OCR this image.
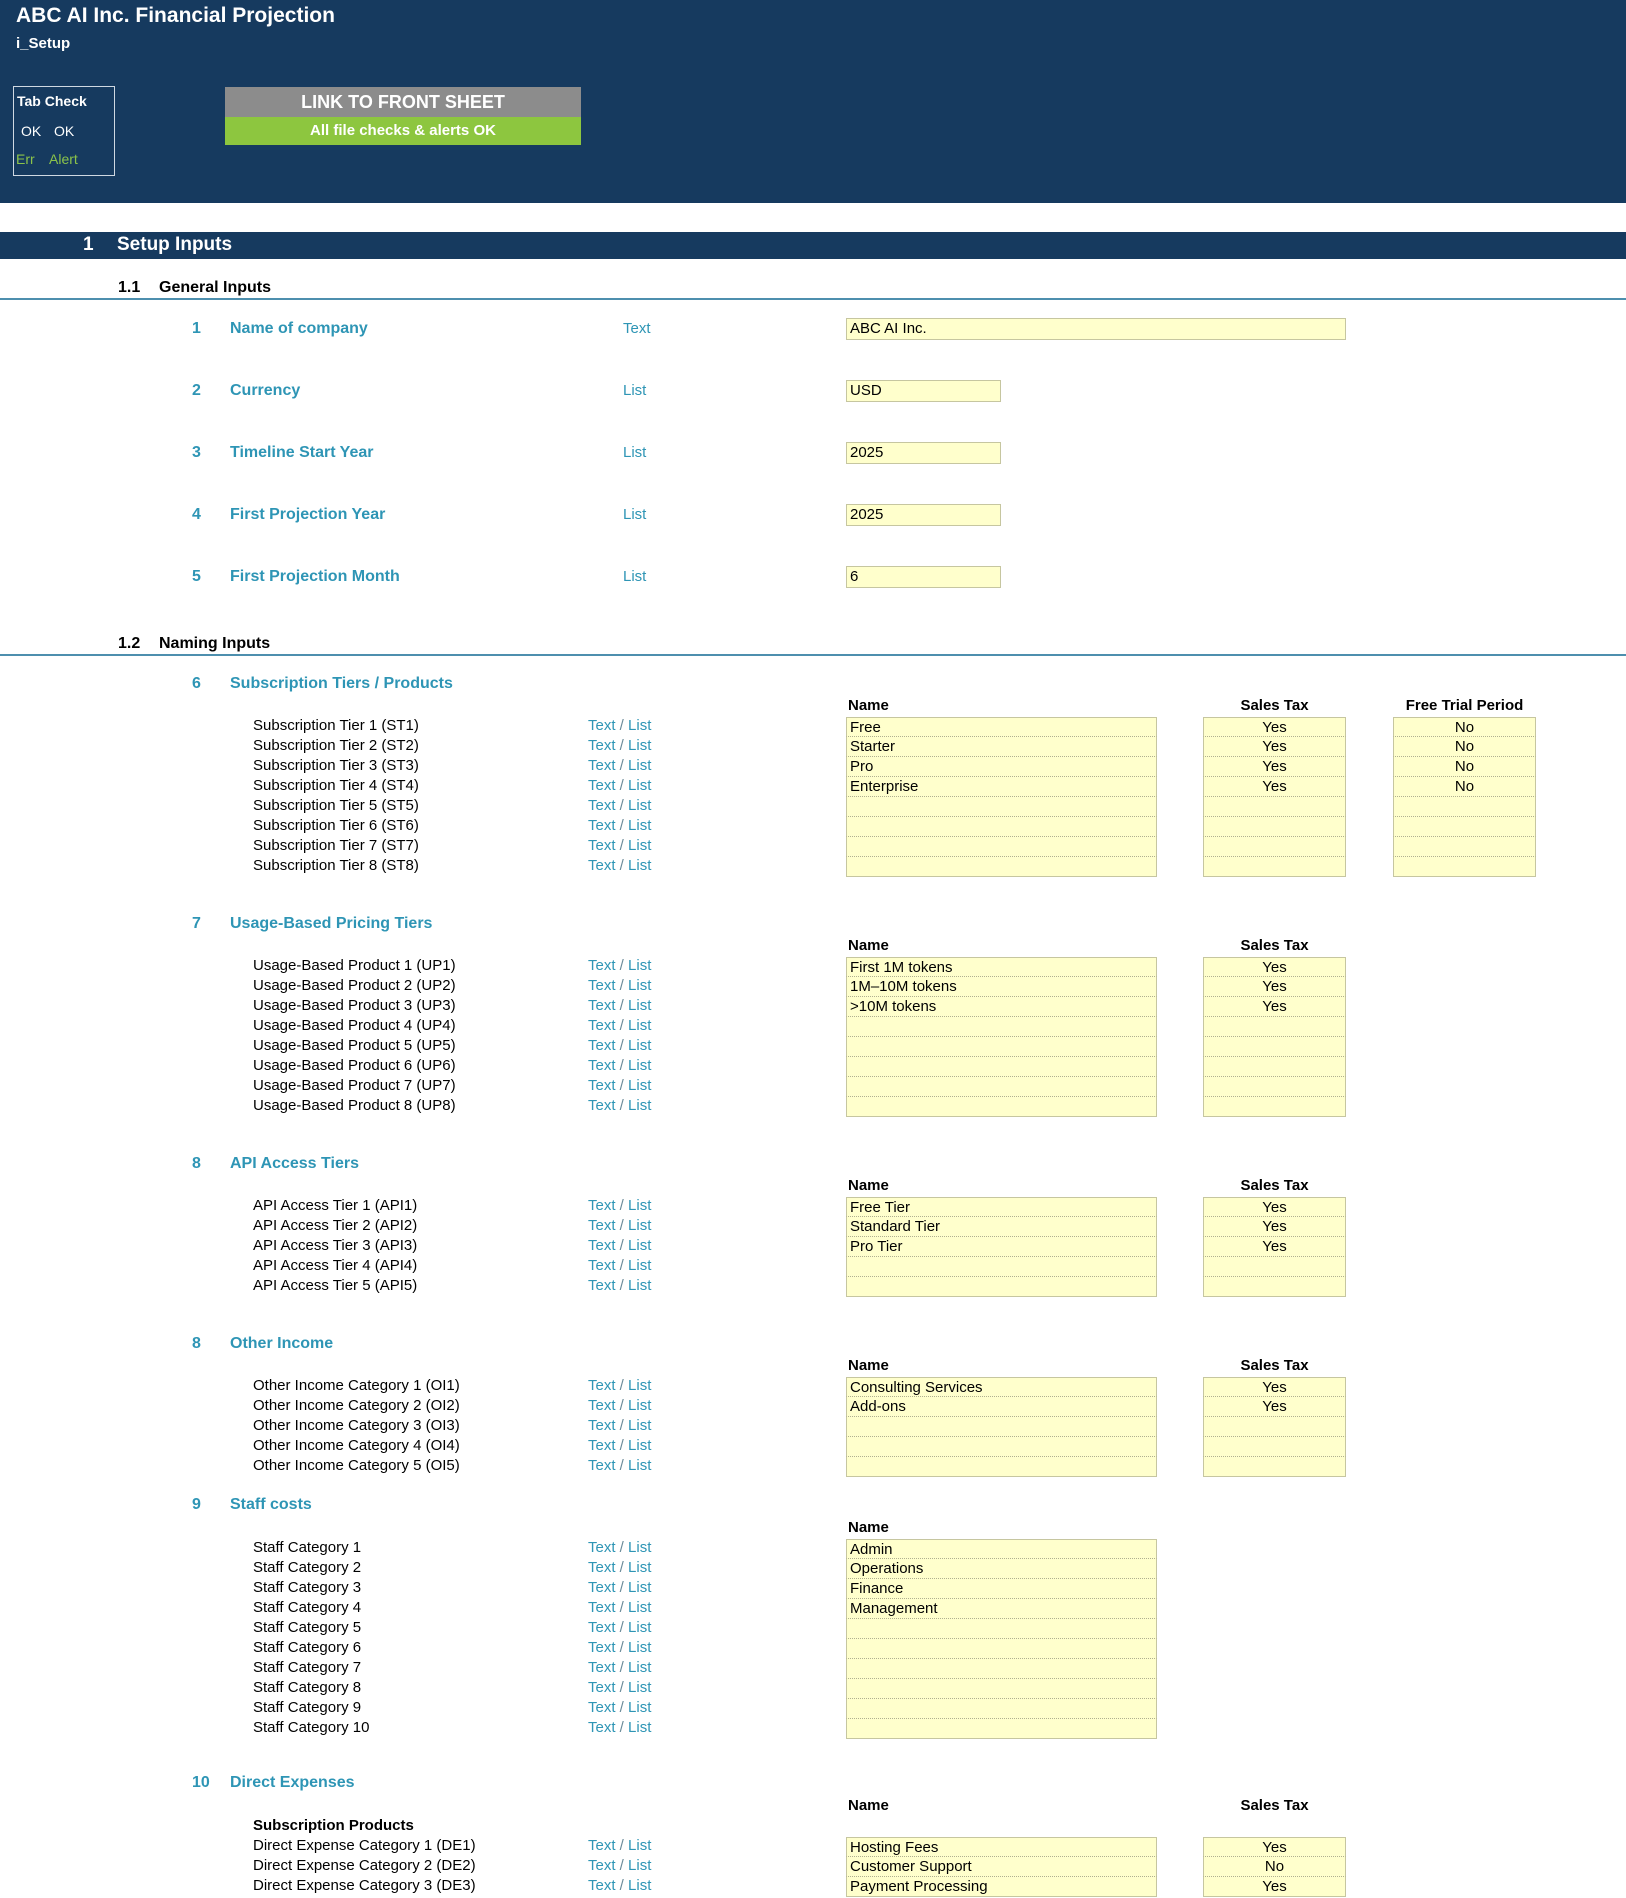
ABC AI Inc. Financial Projection
i_Setup
Tab Check
OK OK
Err Alert
LINK TO FRONT SHEET
All file checks & alerts OK
1 Setup Inputs
1.1 General Inputs
1 Name of company	Text	ABC AI Inc.
2 Currency	List	USD
3 Timeline Start Year	List	2025
4 First Projection Year	List	2025
5 First Projection Month	List	6
1.2 Naming Inputs
6 Subscription Tiers / Products
Name	Sales Tax	Free Trial Period
Subscription Tier 1 (ST1)	Text / List	Free	Yes	No
Subscription Tier 2 (ST2)	Text / List	Starter	Yes	No
Subscription Tier 3 (ST3)	Text / List	Pro	Yes	No
Subscription Tier 4 (ST4)	Text / List	Enterprise	Yes	No
Subscription Tier 5 (ST5)	Text / List
Subscription Tier 6 (ST6)	Text / List
Subscription Tier 7 (ST7)	Text / List
Subscription Tier 8 (ST8)	Text / List
7 Usage-Based Pricing Tiers
Name	Sales Tax
Usage-Based Product 1 (UP1)	Text / List	First 1M tokens	Yes
Usage-Based Product 2 (UP2)	Text / List	1M–10M tokens	Yes
Usage-Based Product 3 (UP3)	Text / List	>10M tokens	Yes
Usage-Based Product 4 (UP4)	Text / List
Usage-Based Product 5 (UP5)	Text / List
Usage-Based Product 6 (UP6)	Text / List
Usage-Based Product 7 (UP7)	Text / List
Usage-Based Product 8 (UP8)	Text / List
8 API Access Tiers
Name	Sales Tax
API Access Tier 1 (API1)	Text / List	Free Tier	Yes
API Access Tier 2 (API2)	Text / List	Standard Tier	Yes
API Access Tier 3 (API3)	Text / List	Pro Tier	Yes
API Access Tier 4 (API4)	Text / List
API Access Tier 5 (API5)	Text / List
8 Other Income
Name	Sales Tax
Other Income Category 1 (OI1)	Text / List	Consulting Services	Yes
Other Income Category 2 (OI2)	Text / List	Add-ons	Yes
Other Income Category 3 (OI3)	Text / List
Other Income Category 4 (OI4)	Text / List
Other Income Category 5 (OI5)	Text / List
9 Staff costs
Name
Staff Category 1	Text / List	Admin
Staff Category 2	Text / List	Operations
Staff Category 3	Text / List	Finance
Staff Category 4	Text / List	Management
Staff Category 5	Text / List
Staff Category 6	Text / List
Staff Category 7	Text / List
Staff Category 8	Text / List
Staff Category 9	Text / List
Staff Category 10	Text / List
10 Direct Expenses
Name	Sales Tax
Subscription Products
Direct Expense Category 1 (DE1)	Text / List	Hosting Fees	Yes
Direct Expense Category 2 (DE2)	Text / List	Customer Support	No
Direct Expense Category 3 (DE3)	Text / List	Payment Processing	Yes
